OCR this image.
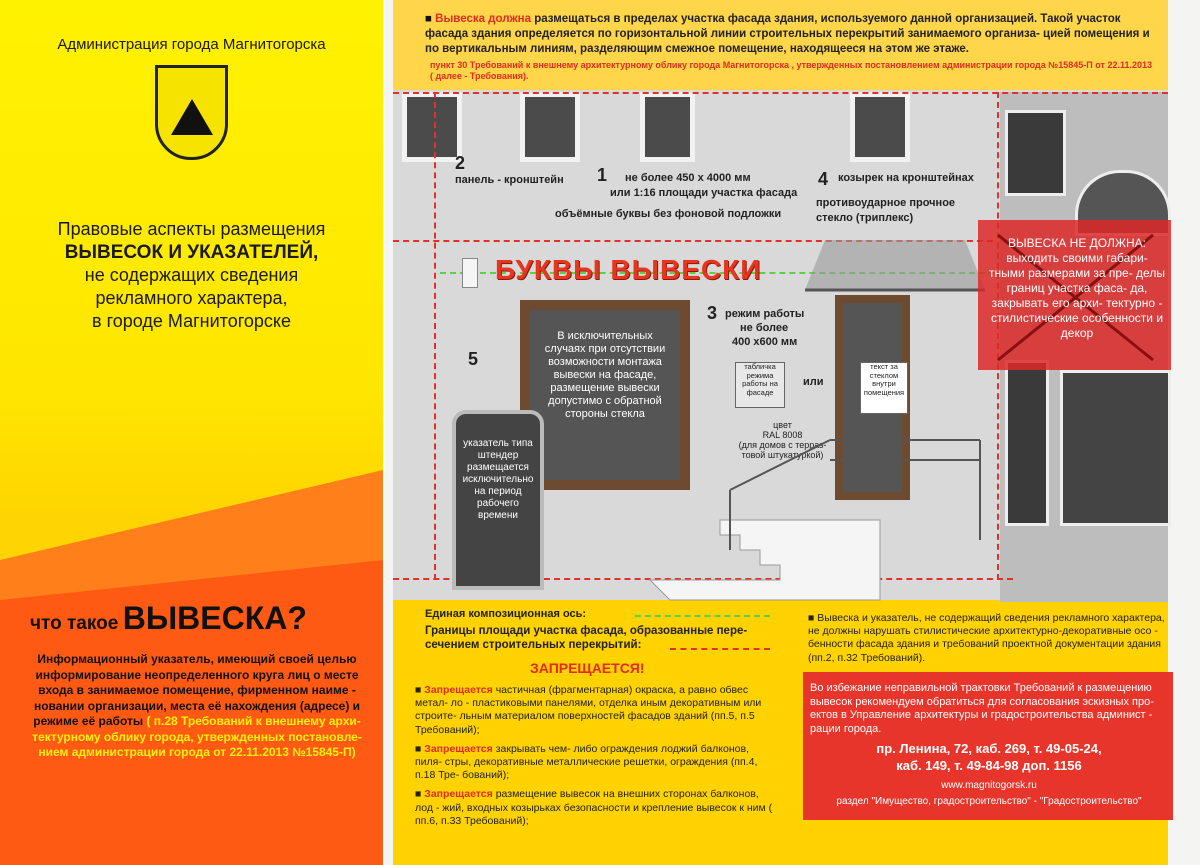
Администрация города Магнитогорска
Правовые аспекты размещения
ВЫВЕСОК И УКАЗАТЕЛЕЙ,
не содержащих сведения
рекламного характера,
в городе Магнитогорске
что такое ВЫВЕСКА?
Информационный указатель, имеющий своей целью информирование неопределенного круга лиц о месте входа в занимаемое помещение, фирменном наиме - новании организации, места её нахождения (адресе) и режиме её работы ( п.28 Требований к внешнему архи- тектурному облику города, утвержденных постановле- нием администрации города от 22.11.2013 №15845-П)
■ Вывеска должна размещаться в пределах участка фасада здания, используемого данной организацией. Такой участок фасада здания определяется по горизонтальной линии строительных перекрытий занимаемого организа- цией помещения и по вертикальным линиям, разделяющим смежное помещение, находящееся на этом же этаже.
пункт 30 Требований к внешнему архитектурному облику города Магнитогорска , утвержденных постановлением администрации города №15845-П от 22.11.2013 ( далее - Требования).
2
панель - кронштейн 1 не более 450 х 4000 мм
или 1:16 площади участка фасада
объёмные буквы без фоновой подложки
4 козырек на кронштейнах
противоударное прочное
стекло (триплекс)
БУКВЫ ВЫВЕСКИ
В исключительных случаях при отсутствии возможности монтажа вывески на фасаде, размещение вывески допустимо с обратной стороны стекла
3 режим работы
не более
400 х600 мм
табличка режима работы на фасаде
или
текст за стеклом внутри помещения
цвет
RAL 8008
(для домов с терраз- товой штукатуркой)
5
указатель типа штендер размещается исключительно на период рабочего времени
ВЫВЕСКА НЕ ДОЛЖНА:
выходить своими габари- тными размерами за пре- делы границ участка фаса- да, закрывать его архи- тектурно - стилистические особенности и декор
Единая композиционная ось:
Границы площади участка фасада, образованные пере- сечением строительных перекрытий:
ЗАПРЕЩАЕТСЯ!
■ Запрещается частичная (фрагментарная) окраска, а равно обвес метал- ло - пластиковыми панелями, отделка иным декоративным или строите- льным материалом поверхностей фасадов зданий (пп.5, п.5 Требований);
■ Запрещается закрывать чем- либо ограждения лоджий балконов, пиля- стры, декоративные металлические решетки, ограждения (пп.4, п.18 Тре- бований);
■ Запрещается размещение вывесок на внешних сторонах балконов, лод - жий, входных козырьках безопасности и крепление вывесок к ним ( пп.6, п.33 Требований);
■ Вывеска и указатель, не содержащий сведения рекламного характера, не должны нарушать стилистические архитектурно-декоративные осо - бенности фасада здания и требований проектной документации здания (пп.2, п.32 Требований).
Во избежание неправильной трактовки Требований к размещению вывесок рекомендуем обратиться для согласования эскизных про- ектов в Управление архитектуры и градостроительства админист - рации города.
пр. Ленина, 72, каб. 269, т. 49-05-24,
каб. 149, т. 49-84-98 доп. 1156
www.magnitogorsk.ru
раздел "Имущество, градостроительство" - "Градостроительство"
